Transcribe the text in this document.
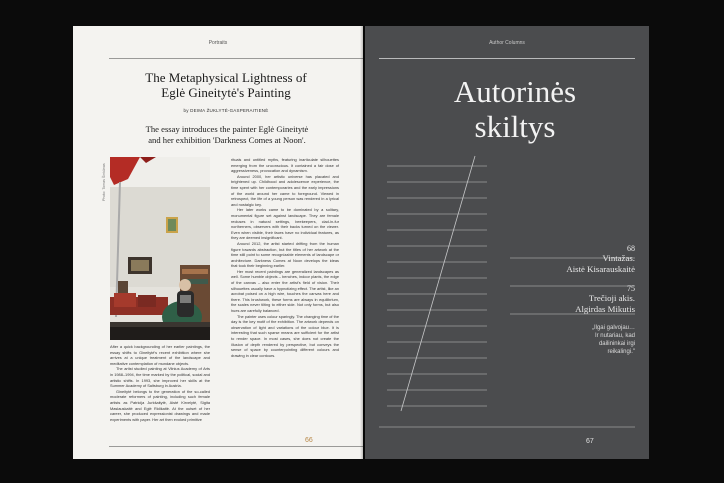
Portraits
The Metaphysical Lightness of
Eglė Gineitytė's Painting
by DEIMA ŽUKLYTĖ-GASPERAITIENĖ
The essay introduces the painter Eglė Gineitytė
and her exhibition 'Darkness Comes at Noon'.
Photo: Tomas Šinkūnas

After a quick backgrounding of her earlier paintings, the essay shifts to Gineitytė's recent exhibition where she arrives at a unique treatment of the landscape and meditative contemplation of mundane objects.

The artist studied painting at Vilnius Academy of Arts in 1988–1994, the time marked by the political, social and artistic shifts. In 1993, she improved her skills at the Summer Academy of Saltsburg in Austria.

Gineitytė belongs to the generation of the so-called moderate reformers of painting, including such female artists as Patricija Jurkšaitytė, Aistė Kirvelytė, Sigita Maslauskaitė and Eglė Ridikaitė. At the outset of her career, she produced expressionist drawings and made experiments with paper. Her art then evoked primitive

rituals and untitled myths, featuring inarticulate silhouettes emerging from the unconscious. It contained a fair dose of aggressiveness, provocation and dynamism.

Around 2000, her artistic universe has placated and brightened up. Childhood and adolescence experience, the time spent with her contemporaries and the early impressions of the world around her came to foreground. Viewed in retrospect, the life of a young person was rendered in a lyrical and nostalgic key.

Her later works came to be dominated by a solitary, monumental figure set against landscape. They are female recluses in natural settings, beekeepers, clad-in-fur northerners, observers with their backs turned on the viewer. Even when visible, their faces have no individual features, as they are deemed insignificant.

Around 2012, the artist started drifting from the human figure towards abstraction, but the titles of her artwork at the time still point to some recognizable elements of landscape or architecture. Darkness Comes at Noon develops the ideas that took their beginning earlier.

Her most recent paintings are generalized landscapes as well. Some humble objects – benches, indoor plants, the edge of the canvas – also enter the artist's field of vision. Their silhouettes usually have a hypnotizing effect. The artist, like an acrobat poised on a high wire, touches the canvas here and there. This brushwork, these forms are always in equilibrium, the scales never tilting to either side. Not only forms, but also hues are carefully balanced.

The painter uses colour sparingly. The changing time of the day is the key motif of the exhibition. The artwork depends on observation of light and variations of the colour blue. It is interesting that such sparse means are sufficient for the artist to render space. In most cases, she does not create the illusion of depth rendered by perspective, but conveys the sense of space by counterpointing different colours and drawing in clear contours.

66
Author Columns
Autorinės
skiltys
68
Vintažas.
Aistė Kisarauskaitė
75
Trečioji akis.
Algirdas Mikutis
„Ilgai galvojau…
Ir nutariau, kad
dailininkai irgi
reikalingi."
67
